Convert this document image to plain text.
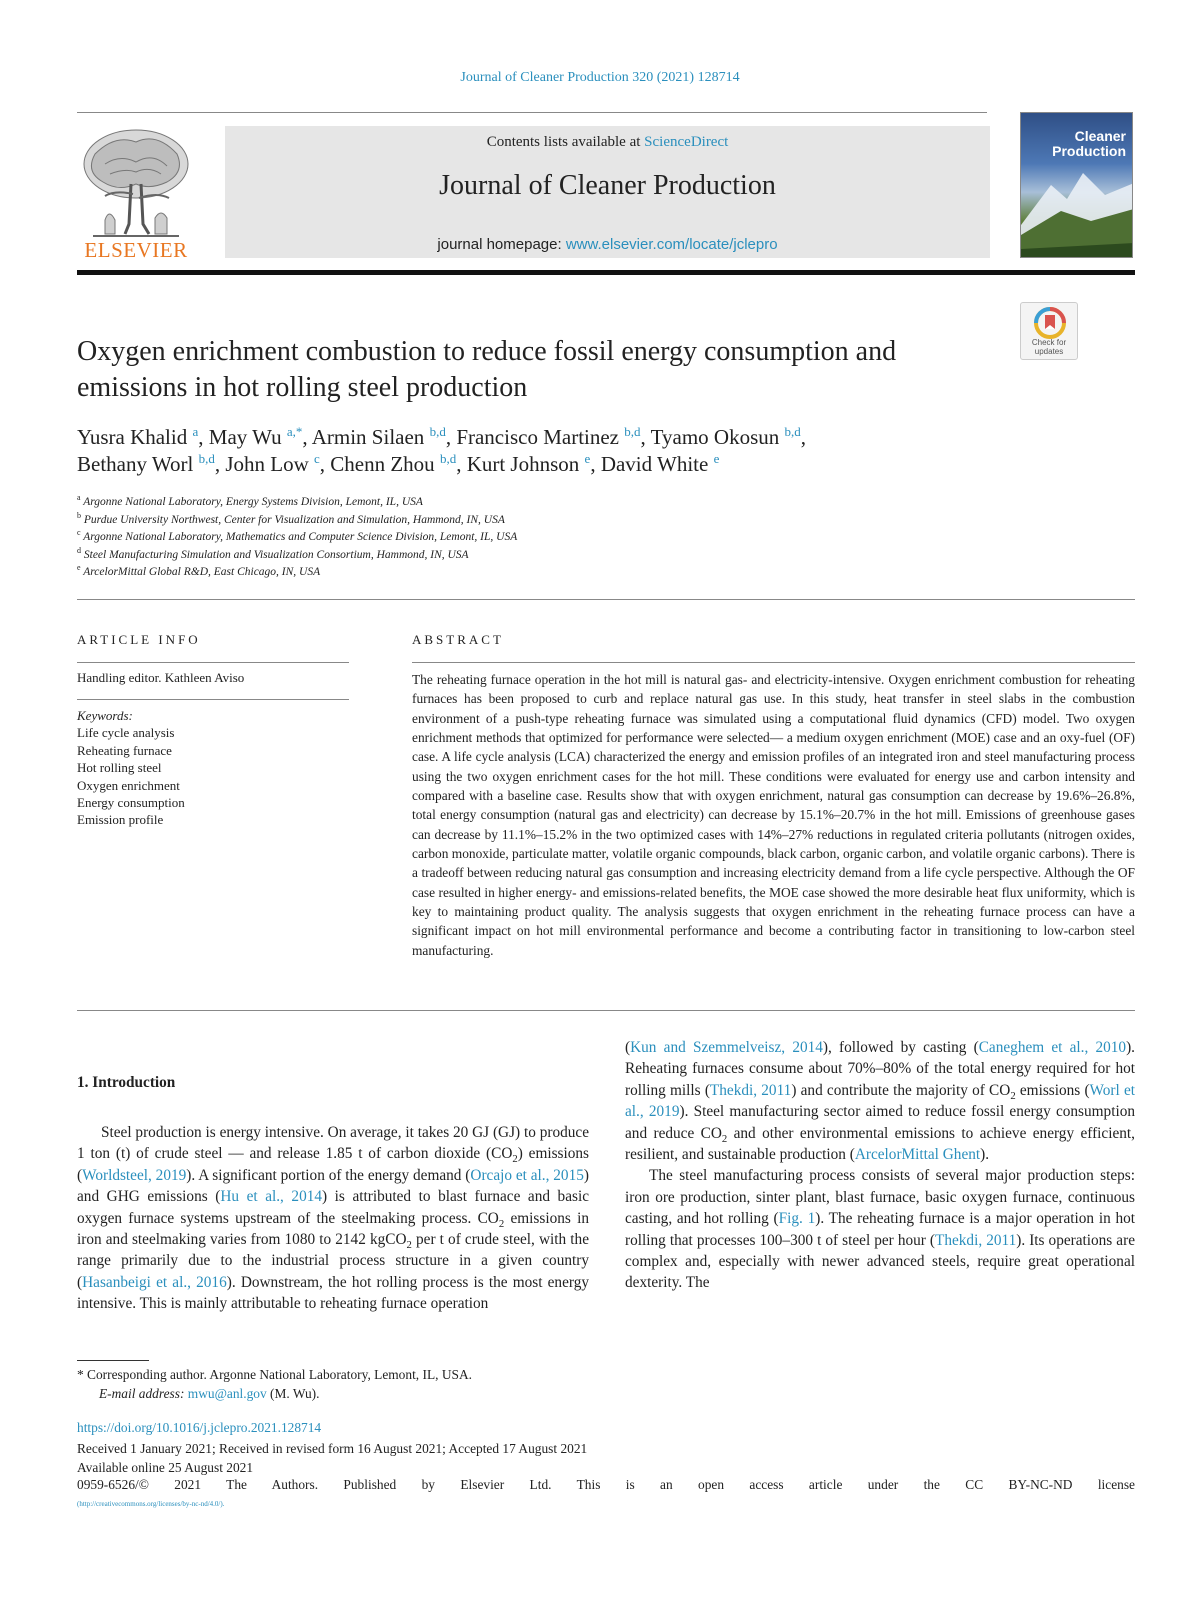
Journal of Cleaner Production 320 (2021) 128714
ELSEVIER
Contents lists available at ScienceDirect
Journal of Cleaner Production
journal homepage: www.elsevier.com/locate/jclepro
Cleaner
Production
Check for updates
Oxygen enrichment combustion to reduce fossil energy consumption and emissions in hot rolling steel production
Yusra Khalid $^a$, May Wu $^{a,*}$, Armin Silaen $^{b,d}$, Francisco Martinez $^{b,d}$, Tyamo Okosun $^{b,d}$,
Bethany Worl $^{b,d}$, John Low $^c$, Chenn Zhou $^{b,d}$, Kurt Johnson $^e$, David White $^e$
$^a$ Argonne National Laboratory, Energy Systems Division, Lemont, IL, USA
$^b$ Purdue University Northwest, Center for Visualization and Simulation, Hammond, IN, USA
$^c$ Argonne National Laboratory, Mathematics and Computer Science Division, Lemont, IL, USA
$^d$ Steel Manufacturing Simulation and Visualization Consortium, Hammond, IN, USA
$^e$ ArcelorMittal Global R&D, East Chicago, IN, USA
ARTICLE INFO
Handling editor. Kathleen Aviso
Keywords:
Life cycle analysis
Reheating furnace
Hot rolling steel
Oxygen enrichment
Energy consumption
Emission profile
ABSTRACT
The reheating furnace operation in the hot mill is natural gas- and electricity-intensive. Oxygen enrichment combustion for reheating furnaces has been proposed to curb and replace natural gas use. In this study, heat transfer in steel slabs in the combustion environment of a push-type reheating furnace was simulated using a computational fluid dynamics (CFD) model. Two oxygen enrichment methods that optimized for performance were selected— a medium oxygen enrichment (MOE) case and an oxy-fuel (OF) case. A life cycle analysis (LCA) characterized the energy and emission profiles of an integrated iron and steel manufacturing process using the two oxygen enrichment cases for the hot mill. These conditions were evaluated for energy use and carbon intensity and compared with a baseline case. Results show that with oxygen enrichment, natural gas consumption can decrease by 19.6%–26.8%, total energy consumption (natural gas and electricity) can decrease by 15.1%–20.7% in the hot mill. Emissions of greenhouse gases can decrease by 11.1%–15.2% in the two optimized cases with 14%–27% reductions in regulated criteria pollutants (nitrogen oxides, carbon monoxide, particulate matter, volatile organic compounds, black carbon, organic carbon, and volatile organic carbons). There is a tradeoff between reducing natural gas consumption and increasing electricity demand from a life cycle perspective. Although the OF case resulted in higher energy- and emissions-related benefits, the MOE case showed the more desirable heat flux uniformity, which is key to maintaining product quality. The analysis suggests that oxygen enrichment in the reheating furnace process can have a significant impact on hot mill environmental performance and become a contributing factor in transitioning to low-carbon steel manufacturing.
1. Introduction

Steel production is energy intensive. On average, it takes 20 GJ (GJ) to produce 1 ton (t) of crude steel — and release 1.85 t of carbon dioxide $(CO_2)$ emissions (Worldsteel, 2019). A significant portion of the energy demand (Orcajo et al., 2015) and GHG emissions (Hu et al., 2014) is attributed to blast furnace and basic oxygen furnace systems upstream of the steelmaking process. $CO_2$ emissions in iron and steelmaking varies from 1080 to 2142 kgCO$_2$ per t of crude steel, with the range primarily due to the industrial process structure in a given country (Hasanbeigi et al., 2016). Downstream, the hot rolling process is the most energy intensive. This is mainly attributable to reheating furnace operation

(Kun and Szemmelveisz, 2014), followed by casting (Caneghem et al., 2010). Reheating furnaces consume about 70%–80% of the total energy required for hot rolling mills (Thekdi, 2011) and contribute the majority of $CO_2$ emissions (Worl et al., 2019). Steel manufacturing sector aimed to reduce fossil energy consumption and reduce $CO_2$ and other environmental emissions to achieve energy efficient, resilient, and sustainable production (ArcelorMittal Ghent).

The steel manufacturing process consists of several major production steps: iron ore production, sinter plant, blast furnace, basic oxygen furnace, continuous casting, and hot rolling (Fig. 1). The reheating furnace is a major operation in hot rolling that processes 100–300 t of steel per hour (Thekdi, 2011). Its operations are complex and, especially with newer advanced steels, require great operational dexterity. The

* Corresponding author. Argonne National Laboratory, Lemont, IL, USA.
E-mail address: mwu@anl.gov (M. Wu).
https://doi.org/10.1016/j.jclepro.2021.128714
Received 1 January 2021; Received in revised form 16 August 2021; Accepted 17 August 2021
Available online 25 August 2021
0959-6526/© 2021 The Authors. Published by Elsevier Ltd. This is an open access article under the CC BY-NC-ND license
(http://creativecommons.org/licenses/by-nc-nd/4.0/).
